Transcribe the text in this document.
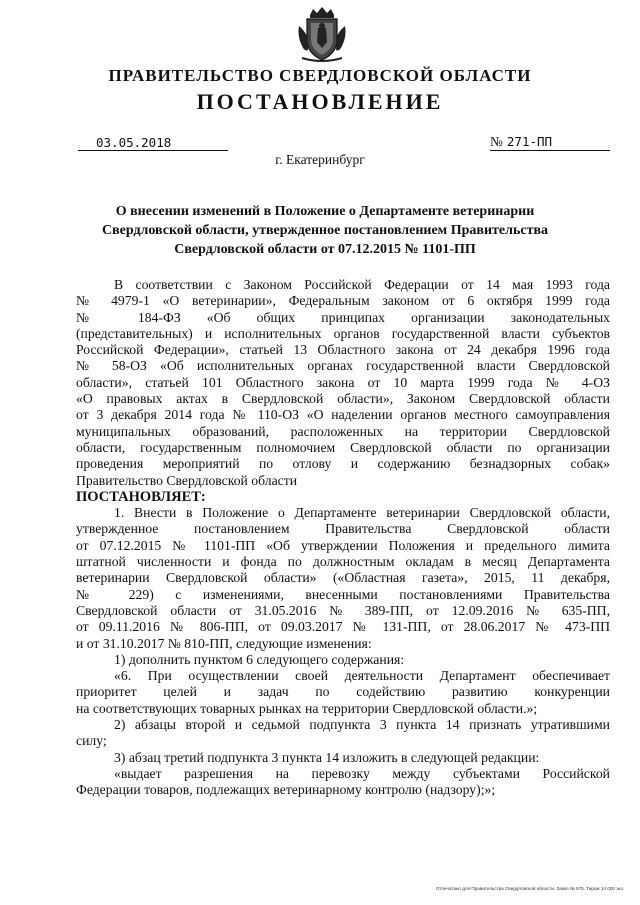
ПРАВИТЕЛЬСТВО СВЕРДЛОВСКОЙ ОБЛАСТИ
ПОСТАНОВЛЕНИЕ
03.05.2018	№ 271-ПП
г. Екатеринбург
О внесении изменений в Положение о Департаменте ветеринарии
Свердловской области, утвержденное постановлением Правительства
Свердловской области от 07.12.2015 № 1101-ПП
В соответствии с Законом Российской Федерации от 14 мая 1993 года
№ 4979-1 «О ветеринарии», Федеральным законом от 6 октября 1999 года
№ 184-ФЗ «Об общих принципах организации законодательных
(представительных) и исполнительных органов государственной власти субъектов
Российской Федерации», статьей 13 Областного закона от 24 декабря 1996 года
№ 58-ОЗ «Об исполнительных органах государственной власти Свердловской
области», статьей 101 Областного закона от 10 марта 1999 года № 4-ОЗ
«О правовых актах в Свердловской области», Законом Свердловской области
от 3 декабря 2014 года № 110-ОЗ «О наделении органов местного самоуправления
муниципальных образований, расположенных на территории Свердловской
области, государственным полномочием Свердловской области по организации
проведения мероприятий по отлову и содержанию безнадзорных собак»
Правительство Свердловской области
ПОСТАНОВЛЯЕТ:
1. Внести в Положение о Департаменте ветеринарии Свердловской области,
утвержденное постановлением Правительства Свердловской области
от 07.12.2015 № 1101-ПП «Об утверждении Положения и предельного лимита
штатной численности и фонда по должностным окладам в месяц Департамента
ветеринарии Свердловской области» («Областная газета», 2015, 11 декабря,
№ 229) с изменениями, внесенными постановлениями Правительства
Свердловской области от 31.05.2016 № 389-ПП, от 12.09.2016 № 635-ПП,
от 09.11.2016 № 806-ПП, от 09.03.2017 № 131-ПП, от 28.06.2017 № 473-ПП
и от 31.10.2017 № 810-ПП, следующие изменения:
1) дополнить пунктом 6 следующего содержания:
«6. При осуществлении своей деятельности Департамент обеспечивает
приоритет целей и задач по содействию развитию конкуренции
на соответствующих товарных рынках на территории Свердловской области.»;
2) абзацы второй и седьмой подпункта 3 пункта 14 признать утратившими
силу;
3) абзац третий подпункта 3 пункта 14 изложить в следующей редакции:
«выдает разрешения на перевозку между субъектами Российской
Федерации товаров, подлежащих ветеринарному контролю (надзору);»;
Отпечатано для Правительства Свердловской области. Заказ № 575. Тираж 14 000 экз.
